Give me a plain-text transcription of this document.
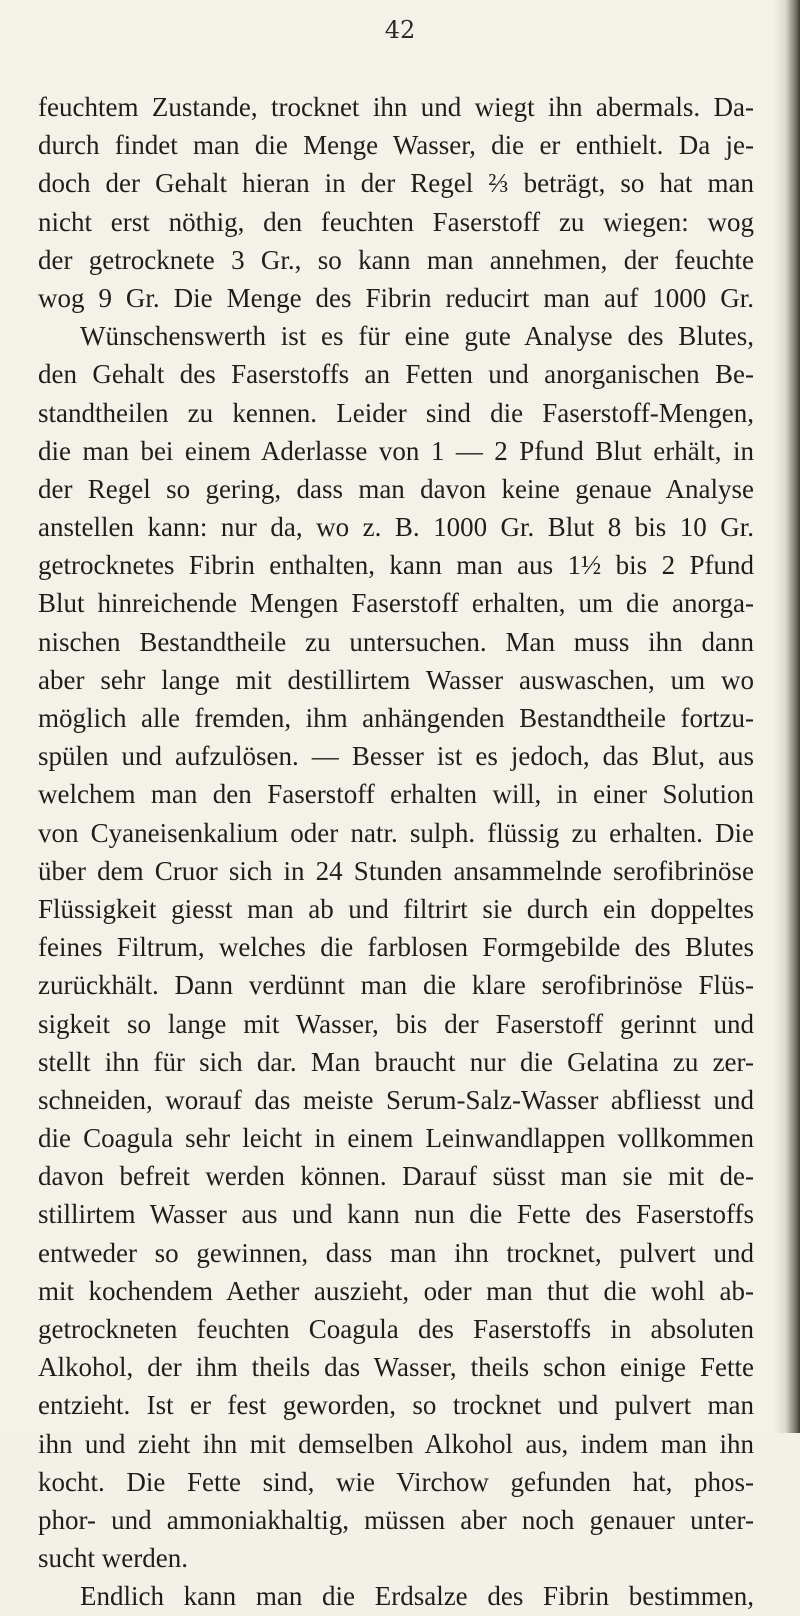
42

feuchtem Zustande, trocknet ihn und wiegt ihn abermals. Da-
durch findet man die Menge Wasser, die er enthielt. Da je-
doch der Gehalt hieran in der Regel ⅔ beträgt, so hat man
nicht erst nöthig, den feuchten Faserstoff zu wiegen: wog
der getrocknete 3 Gr., so kann man annehmen, der feuchte
wog 9 Gr. Die Menge des Fibrin reducirt man auf 1000 Gr.
Wünschenswerth ist es für eine gute Analyse des Blutes,
den Gehalt des Faserstoffs an Fetten und anorganischen Be-
standtheilen zu kennen. Leider sind die Faserstoff-Mengen,
die man bei einem Aderlasse von 1 — 2 Pfund Blut erhält, in
der Regel so gering, dass man davon keine genaue Analyse
anstellen kann: nur da, wo z. B. 1000 Gr. Blut 8 bis 10 Gr.
getrocknetes Fibrin enthalten, kann man aus 1½ bis 2 Pfund
Blut hinreichende Mengen Faserstoff erhalten, um die anorga-
nischen Bestandtheile zu untersuchen. Man muss ihn dann
aber sehr lange mit destillirtem Wasser auswaschen, um wo
möglich alle fremden, ihm anhängenden Bestandtheile fortzu-
spülen und aufzulösen. — Besser ist es jedoch, das Blut, aus
welchem man den Faserstoff erhalten will, in einer Solution
von Cyaneisenkalium oder natr. sulph. flüssig zu erhalten. Die
über dem Cruor sich in 24 Stunden ansammelnde serofibrinöse
Flüssigkeit giesst man ab und filtrirt sie durch ein doppeltes
feines Filtrum, welches die farblosen Formgebilde des Blutes
zurückhält. Dann verdünnt man die klare serofibrinöse Flüs-
sigkeit so lange mit Wasser, bis der Faserstoff gerinnt und
stellt ihn für sich dar. Man braucht nur die Gelatina zu zer-
schneiden, worauf das meiste Serum-Salz-Wasser abfliesst und
die Coagula sehr leicht in einem Leinwandlappen vollkommen
davon befreit werden können. Darauf süsst man sie mit de-
stillirtem Wasser aus und kann nun die Fette des Faserstoffs
entweder so gewinnen, dass man ihn trocknet, pulvert und
mit kochendem Aether auszieht, oder man thut die wohl ab-
getrockneten feuchten Coagula des Faserstoffs in absoluten
Alkohol, der ihm theils das Wasser, theils schon einige Fette
entzieht. Ist er fest geworden, so trocknet und pulvert man
ihn und zieht ihn mit demselben Alkohol aus, indem man ihn
kocht. Die Fette sind, wie Virchow gefunden hat, phos-
phor- und ammoniakhaltig, müssen aber noch genauer unter-
sucht werden.
Endlich kann man die Erdsalze des Fibrin bestimmen,
